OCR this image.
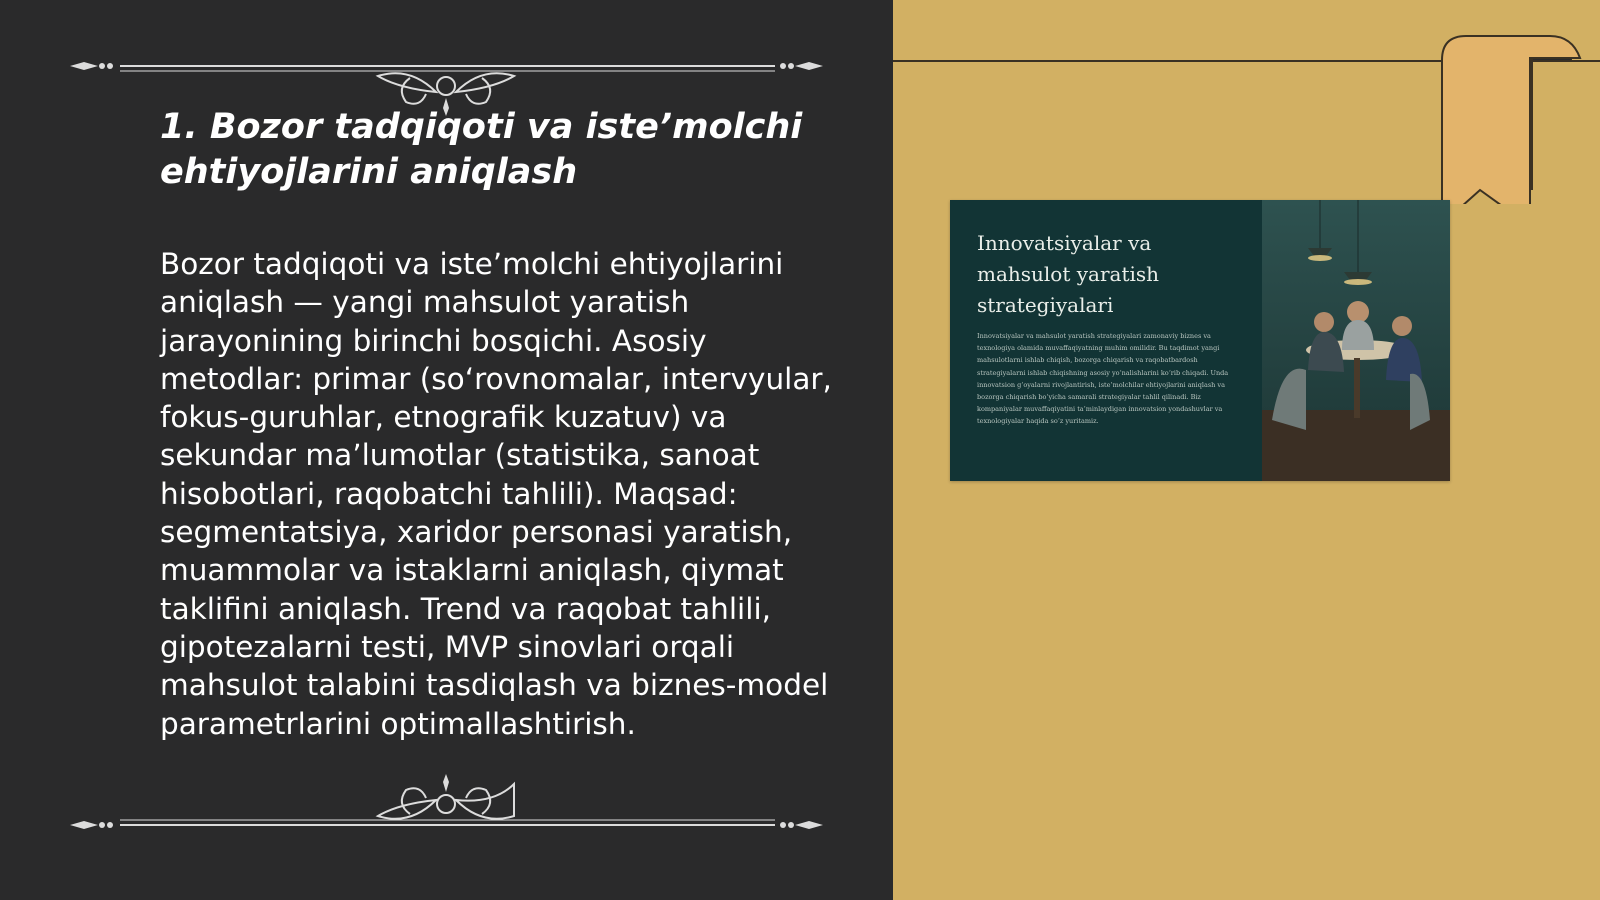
1. Bozor tadqiqoti va iste’molchi ehtiyojlarini aniqlash

Bozor tadqiqoti va iste’molchi ehtiyojlarini aniqlash — yangi mahsulot yaratish jarayonining birinchi bosqichi. Asosiy metodlar: primar (so‘rovnomalar, intervyular, fokus-guruhlar, etnografik kuzatuv) va sekundar ma’lumotlar (statistika, sanoat hisobotlari, raqobatchi tahlili). Maqsad: segmentatsiya, xaridor personasi yaratish, muammolar va istaklarni aniqlash, qiymat taklifini aniqlash. Trend va raqobat tahlili, gipotezalarni testi, MVP sinovlari orqali mahsulot talabini tasdiqlash va biznes-model parametrlarini optimallashtirish.

Innovatsiyalar va mahsulot yaratish strategiyalari

Innovatsiyalar va mahsulot yaratish strategiyalari zamonaviy biznes va texnologiya olamida muvaffaqiyatning muhim omilidir. Bu taqdimot yangi mahsulotlarni ishlab chiqish, bozorga chiqarish va raqobatbardosh strategiyalarni ishlab chiqishning asosiy yo‘nalishlarini ko‘rib chiqadi. Unda innovatsion g‘oyalarni rivojlantirish, iste’molchilar ehtiyojlarini aniqlash va bozorga chiqarish bo‘yicha samarali strategiyalar tahlil qilinadi. Biz kompaniyalar muvaffaqiyatini ta’minlaydigan innovatsion yondashuvlar va texnologiyalar haqida so‘z yuritamiz.
